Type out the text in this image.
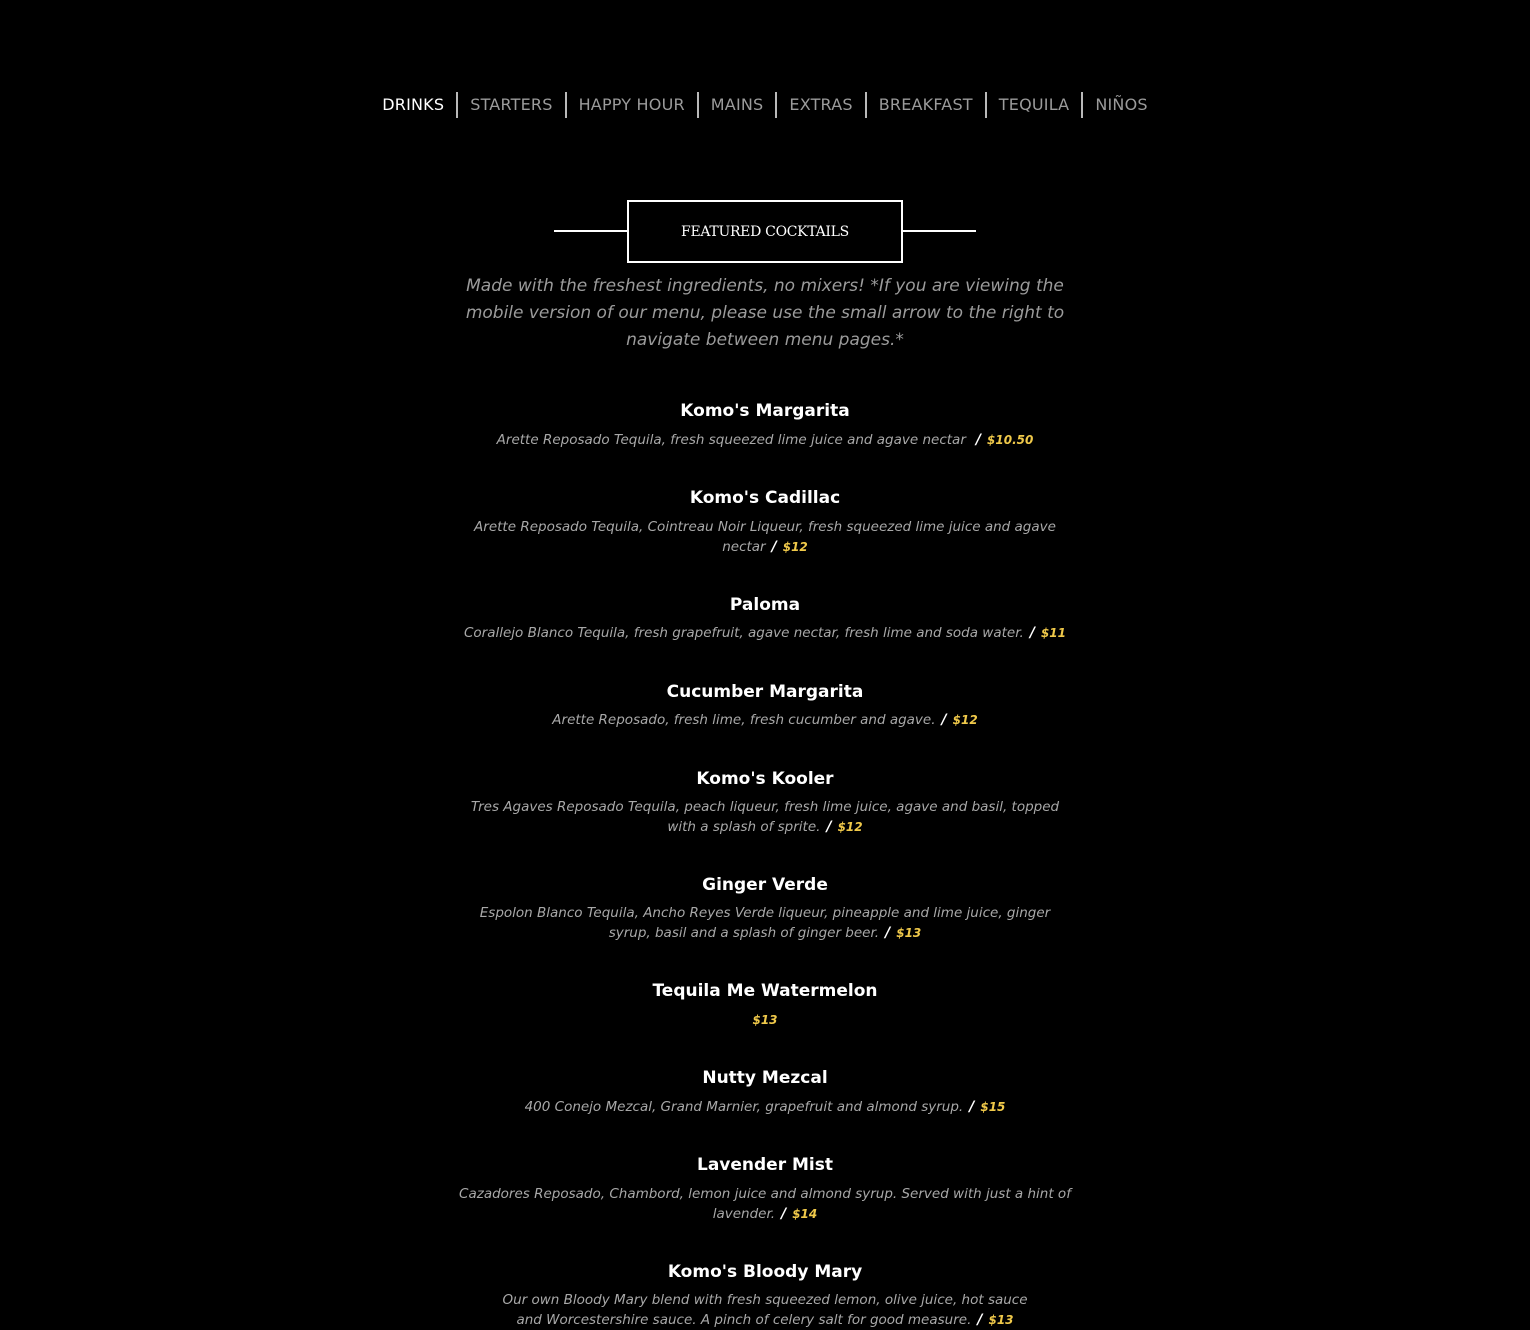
DRINKS	STARTERS	HAPPY HOUR	MAINS	EXTRAS	BREAKFAST	TEQUILA	NIÑOS
FEATURED COCKTAILS

Made with the freshest ingredients, no mixers! *If you are viewing the mobile version of our menu, please use the small arrow to the right to navigate between menu pages.*

Komo's Margarita

Arette Reposado Tequila, fresh squeezed lime juice and agave nectar / $10.50

Komo's Cadillac

Arette Reposado Tequila, Cointreau Noir Liqueur, fresh squeezed lime juice and agave nectar / $12

Paloma

Corallejo Blanco Tequila, fresh grapefruit, agave nectar, fresh lime and soda water. / $11

Cucumber Margarita

Arette Reposado, fresh lime, fresh cucumber and agave. / $12

Komo's Kooler

Tres Agaves Reposado Tequila, peach liqueur, fresh lime juice, agave and basil, topped with a splash of sprite. / $12

Ginger Verde

Espolon Blanco Tequila, Ancho Reyes Verde liqueur, pineapple and lime juice, ginger syrup, basil and a splash of ginger beer. / $13

Tequila Me Watermelon

$13

Nutty Mezcal

400 Conejo Mezcal, Grand Marnier, grapefruit and almond syrup. / $15

Lavender Mist

Cazadores Reposado, Chambord, lemon juice and almond syrup. Served with just a hint of lavender. / $14

Komo's Bloody Mary

Our own Bloody Mary blend with fresh squeezed lemon, olive juice, hot sauce and Worcestershire sauce. A pinch of celery salt for good measure. / $13
